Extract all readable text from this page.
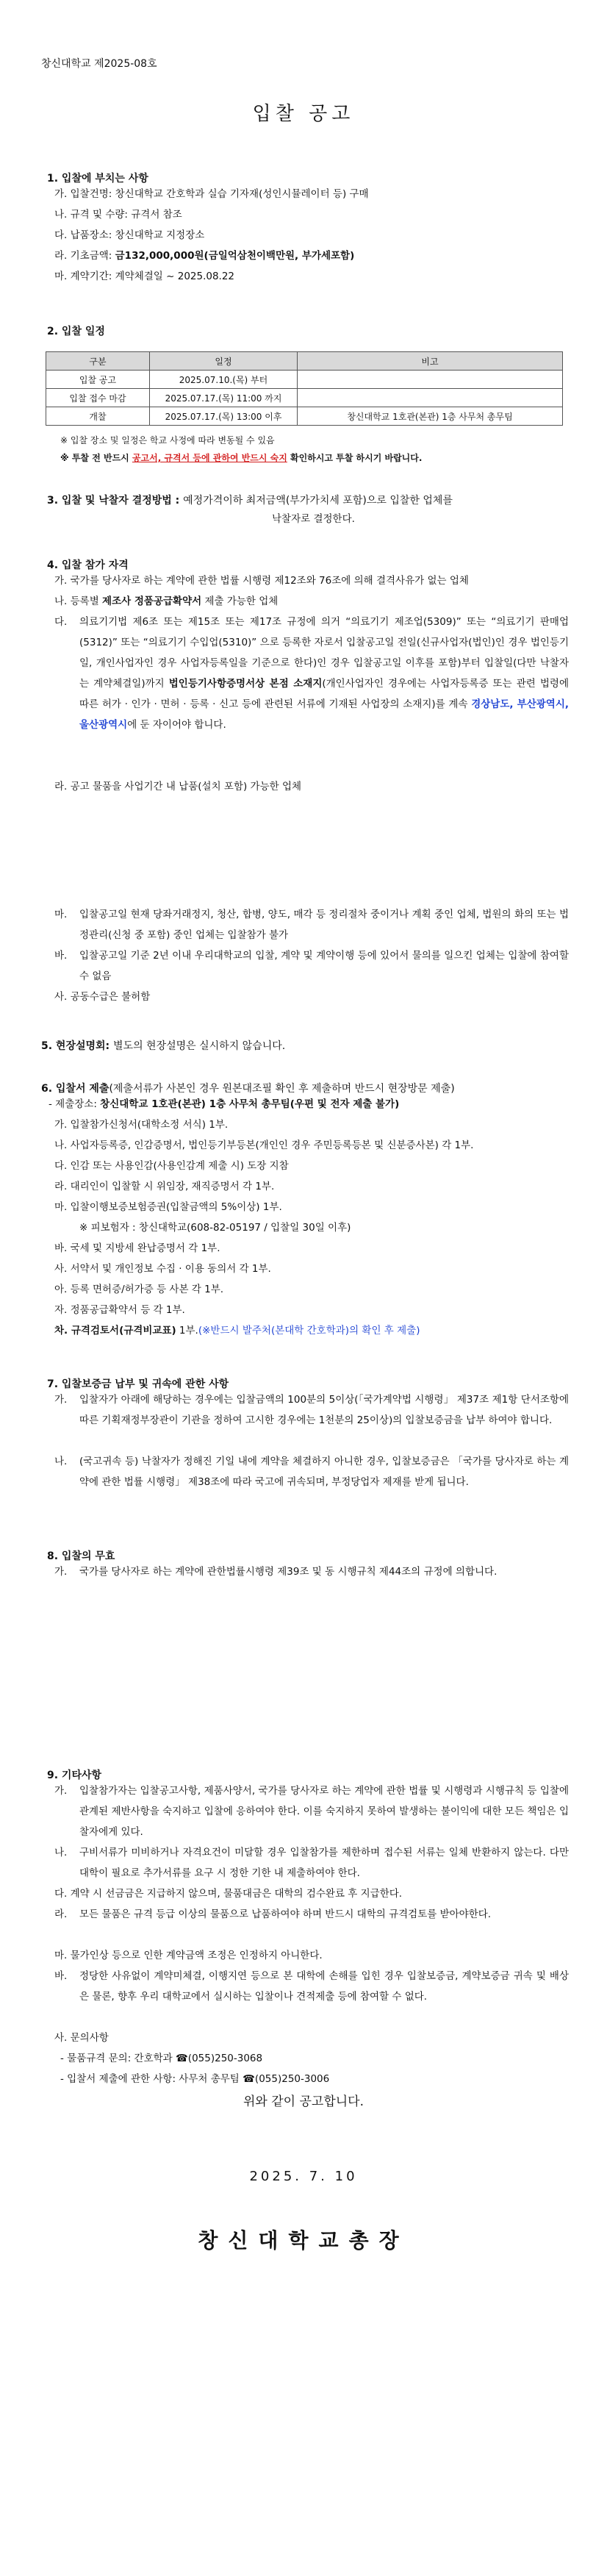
창신대학교 제2025-08호
입찰 공고
1. 입찰에 부치는 사항
가. 입찰건명: 창신대학교 간호학과 실습 기자재(성인시뮬레이터 등) 구매
나. 규격 및 수량: 규격서 참조
다. 납품장소: 창신대학교 지정장소
라. 기초금액: 금132,000,000원(금일억삼천이백만원, 부가세포함)
마. 계약기간: 계약체결일 ~ 2025.08.22
2. 입찰 일정
구분	일정	비고
입찰 공고	2025.07.10.(목) 부터	
입찰 접수 마감	2025.07.17.(목) 11:00 까지	
개찰	2025.07.17.(목) 13:00 이후	창신대학교 1호관(본관) 1층 사무처 총무팀
※ 입찰 장소 및 일정은 학교 사정에 따라 변동될 수 있음
※ 투찰 전 반드시 공고서, 규격서 등에 관하여 반드시 숙지 확인하시고 투찰 하시기 바랍니다.
3. 입찰 및 낙찰자 결정방법 : 예정가격이하 최저금액(부가가치세 포함)으로 입찰한 업체를
낙찰자로 결정한다.
4. 입찰 참가 자격
가. 국가를 당사자로 하는 계약에 관한 법률 시행령 제12조와 76조에 의해 결격사유가 없는 업체
나. 등록별 제조사 정품공급확약서 제출 가능한 업체
다. 의료기기법 제6조 또는 제15조 또는 제17조 규정에 의거 “의료기기 제조업(5309)” 또는 “의료기기 판매업(5312)” 또는 “의료기기 수입업(5310)” 으로 등록한 자로서 입찰공고일 전일(신규사업자(법인)인 경우 법인등기일, 개인사업자인 경우 사업자등록일을 기준으로 한다)인 경우 입찰공고일 이후를 포함)부터 입찰일(다만 낙찰자는 계약체결일)까지 법인등기사항증명서상 본점 소재지(개인사업자인 경우에는 사업자등록증 또는 관련 법령에 따른 허가 · 인가 · 면허 · 등록 · 신고 등에 관련된 서류에 기재된 사업장의 소재지)를 계속 경상남도, 부산광역시, 울산광역시에 둔 자이어야 합니다.
라. 공고 물품을 사업기간 내 납품(설치 포함) 가능한 업체
마. 입찰공고일 현재 당좌거래정지, 청산, 합병, 양도, 매각 등 정리절차 중이거나 계획 중인 업체, 법원의 화의 또는 법정관리(신청 중 포함) 중인 업체는 입찰참가 불가
바. 입찰공고일 기준 2년 이내 우리대학교의 입찰, 계약 및 계약이행 등에 있어서 물의를 일으킨 업체는 입찰에 참여할 수 없음
사. 공동수급은 불허함
5. 현장설명회: 별도의 현장설명은 실시하지 않습니다.
6. 입찰서 제출(제출서류가 사본인 경우 원본대조필 확인 후 제출하며 반드시 현장방문 제출)
- 제출장소: 창신대학교 1호관(본관) 1층 사무처 총무팀(우편 및 전자 제출 불가)
가. 입찰참가신청서(대학소정 서식) 1부.
나. 사업자등록증, 인감증명서, 법인등기부등본(개인인 경우 주민등록등본 및 신분증사본) 각 1부.
다. 인감 또는 사용인감(사용인감계 제출 시) 도장 지참
라. 대리인이 입찰할 시 위임장, 재직증명서 각 1부.
마. 입찰이행보증보험증권(입찰금액의 5%이상) 1부.
※ 피보험자 : 창신대학교(608-82-05197 / 입찰일 30일 이후)
바. 국세 및 지방세 완납증명서 각 1부.
사. 서약서 및 개인정보 수집 · 이용 동의서 각 1부.
아. 등록 면허증/허가증 등 사본 각 1부.
자. 정품공급확약서 등 각 1부.
차. 규격검토서(규격비교표) 1부.(※반드시 발주처(본대학 간호학과)의 확인 후 제출)
7. 입찰보증금 납부 및 귀속에 관한 사항
가. 입찰자가 아래에 해당하는 경우에는 입찰금액의 100분의 5이상(「국가계약법 시행령」 제37조 제1항 단서조항에 따른 기획재정부장관이 기관을 정하여 고시한 경우에는 1천분의 25이상)의 입찰보증금을 납부 하여야 합니다.
나. (국고귀속 등) 낙찰자가 정해진 기일 내에 계약을 체결하지 아니한 경우, 입찰보증금은 「국가를 당사자로 하는 계약에 관한 법률 시행령」 제38조에 따라 국고에 귀속되며, 부정당업자 제재를 받게 됩니다.
8. 입찰의 무효
가. 국가를 당사자로 하는 계약에 관한법률시행령 제39조 및 동 시행규칙 제44조의 규정에 의합니다.
9. 기타사항
가. 입찰참가자는 입찰공고사항, 제품사양서, 국가를 당사자로 하는 계약에 관한 법률 및 시행령과 시행규칙 등 입찰에 관계된 제반사항을 숙지하고 입찰에 응하여야 한다. 이를 숙지하지 못하여 발생하는 불이익에 대한 모든 책임은 입찰자에게 있다.
나. 구비서류가 미비하거나 자격요건이 미달할 경우 입찰참가를 제한하며 접수된 서류는 일체 반환하지 않는다. 다만 대학이 필요로 추가서류를 요구 시 정한 기한 내 제출하여야 한다.
다. 계약 시 선금금은 지급하지 않으며, 물품대금은 대학의 검수완료 후 지급한다.
라. 모든 물품은 규격 등급 이상의 물품으로 납품하여야 하며 반드시 대학의 규격검토를 받아야한다.
마. 물가인상 등으로 인한 계약금액 조정은 인정하지 아니한다.
바. 정당한 사유없이 계약미체결, 이행지연 등으로 본 대학에 손해를 입힌 경우 입찰보증금, 계약보증금 귀속 및 배상은 물론, 향후 우리 대학교에서 실시하는 입찰이나 견적제출 등에 참여할 수 없다.
사. 문의사항
- 물품규격 문의: 간호학과 ☎(055)250-3068
- 입찰서 제출에 관한 사항: 사무처 총무팀 ☎(055)250-3006
위와 같이 공고합니다.
2025. 7. 10
창신대학교총장
